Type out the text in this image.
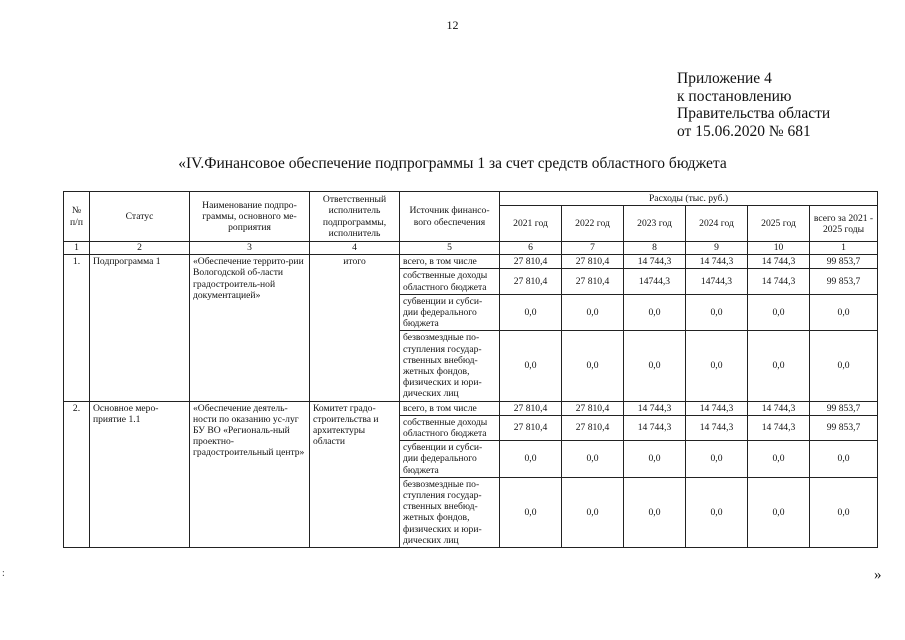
12
Приложение 4
к постановлению
Правительства области
от 15.06.2020 № 681
«IV.Финансовое обеспечение подпрограммы 1 за счет средств областного бюджета
№ п/п	Статус	Наименование подпро-граммы, основного ме-роприятия	Ответственный исполнитель подпрограммы, исполнитель	Источник финансо-вого обеспечения	Расходы (тыс. руб.)					
					2021 год	2022 год	2023 год	2024 год	2025 год	всего за 2021 - 2025 годы
1	2	3	4	5	6	7	8	9	10	1
1.	Подпрограмма 1	«Обеспечение террито-рии Вологодской об-ласти градостроитель-ной документацией»	итого	всего, в том числе	27 810,4	27 810,4	14 744,3	14 744,3	14 744,3	99 853,7
				собственные доходы областного бюджета	27 810,4	27 810,4	14744,3	14744,3	14 744,3	99 853,7
				субвенции и субси-дии федерального бюджета	0,0	0,0	0,0	0,0	0,0	0,0
				безвозмездные по-ступления государ-ственных внебюд-жетных фондов, физических и юри-дических лиц	0,0	0,0	0,0	0,0	0,0	0,0
2.	Основное меро-приятие 1.1	«Обеспечение деятель-ности по оказанию ус-луг БУ ВО «Региональ-ный проектно-градостроительный центр»	Комитет градо-строительства и архитектуры области	всего, в том числе	27 810,4	27 810,4	14 744,3	14 744,3	14 744,3	99 853,7
				собственные доходы областного бюджета	27 810,4	27 810,4	14 744,3	14 744,3	14 744,3	99 853,7
				субвенции и субси-дии федерального бюджета	0,0	0,0	0,0	0,0	0,0	0,0
				безвозмездные по-ступления государ-ственных внебюд-жетных фондов, физических и юри-дических лиц	0,0	0,0	0,0	0,0	0,0	0,0
:	»
